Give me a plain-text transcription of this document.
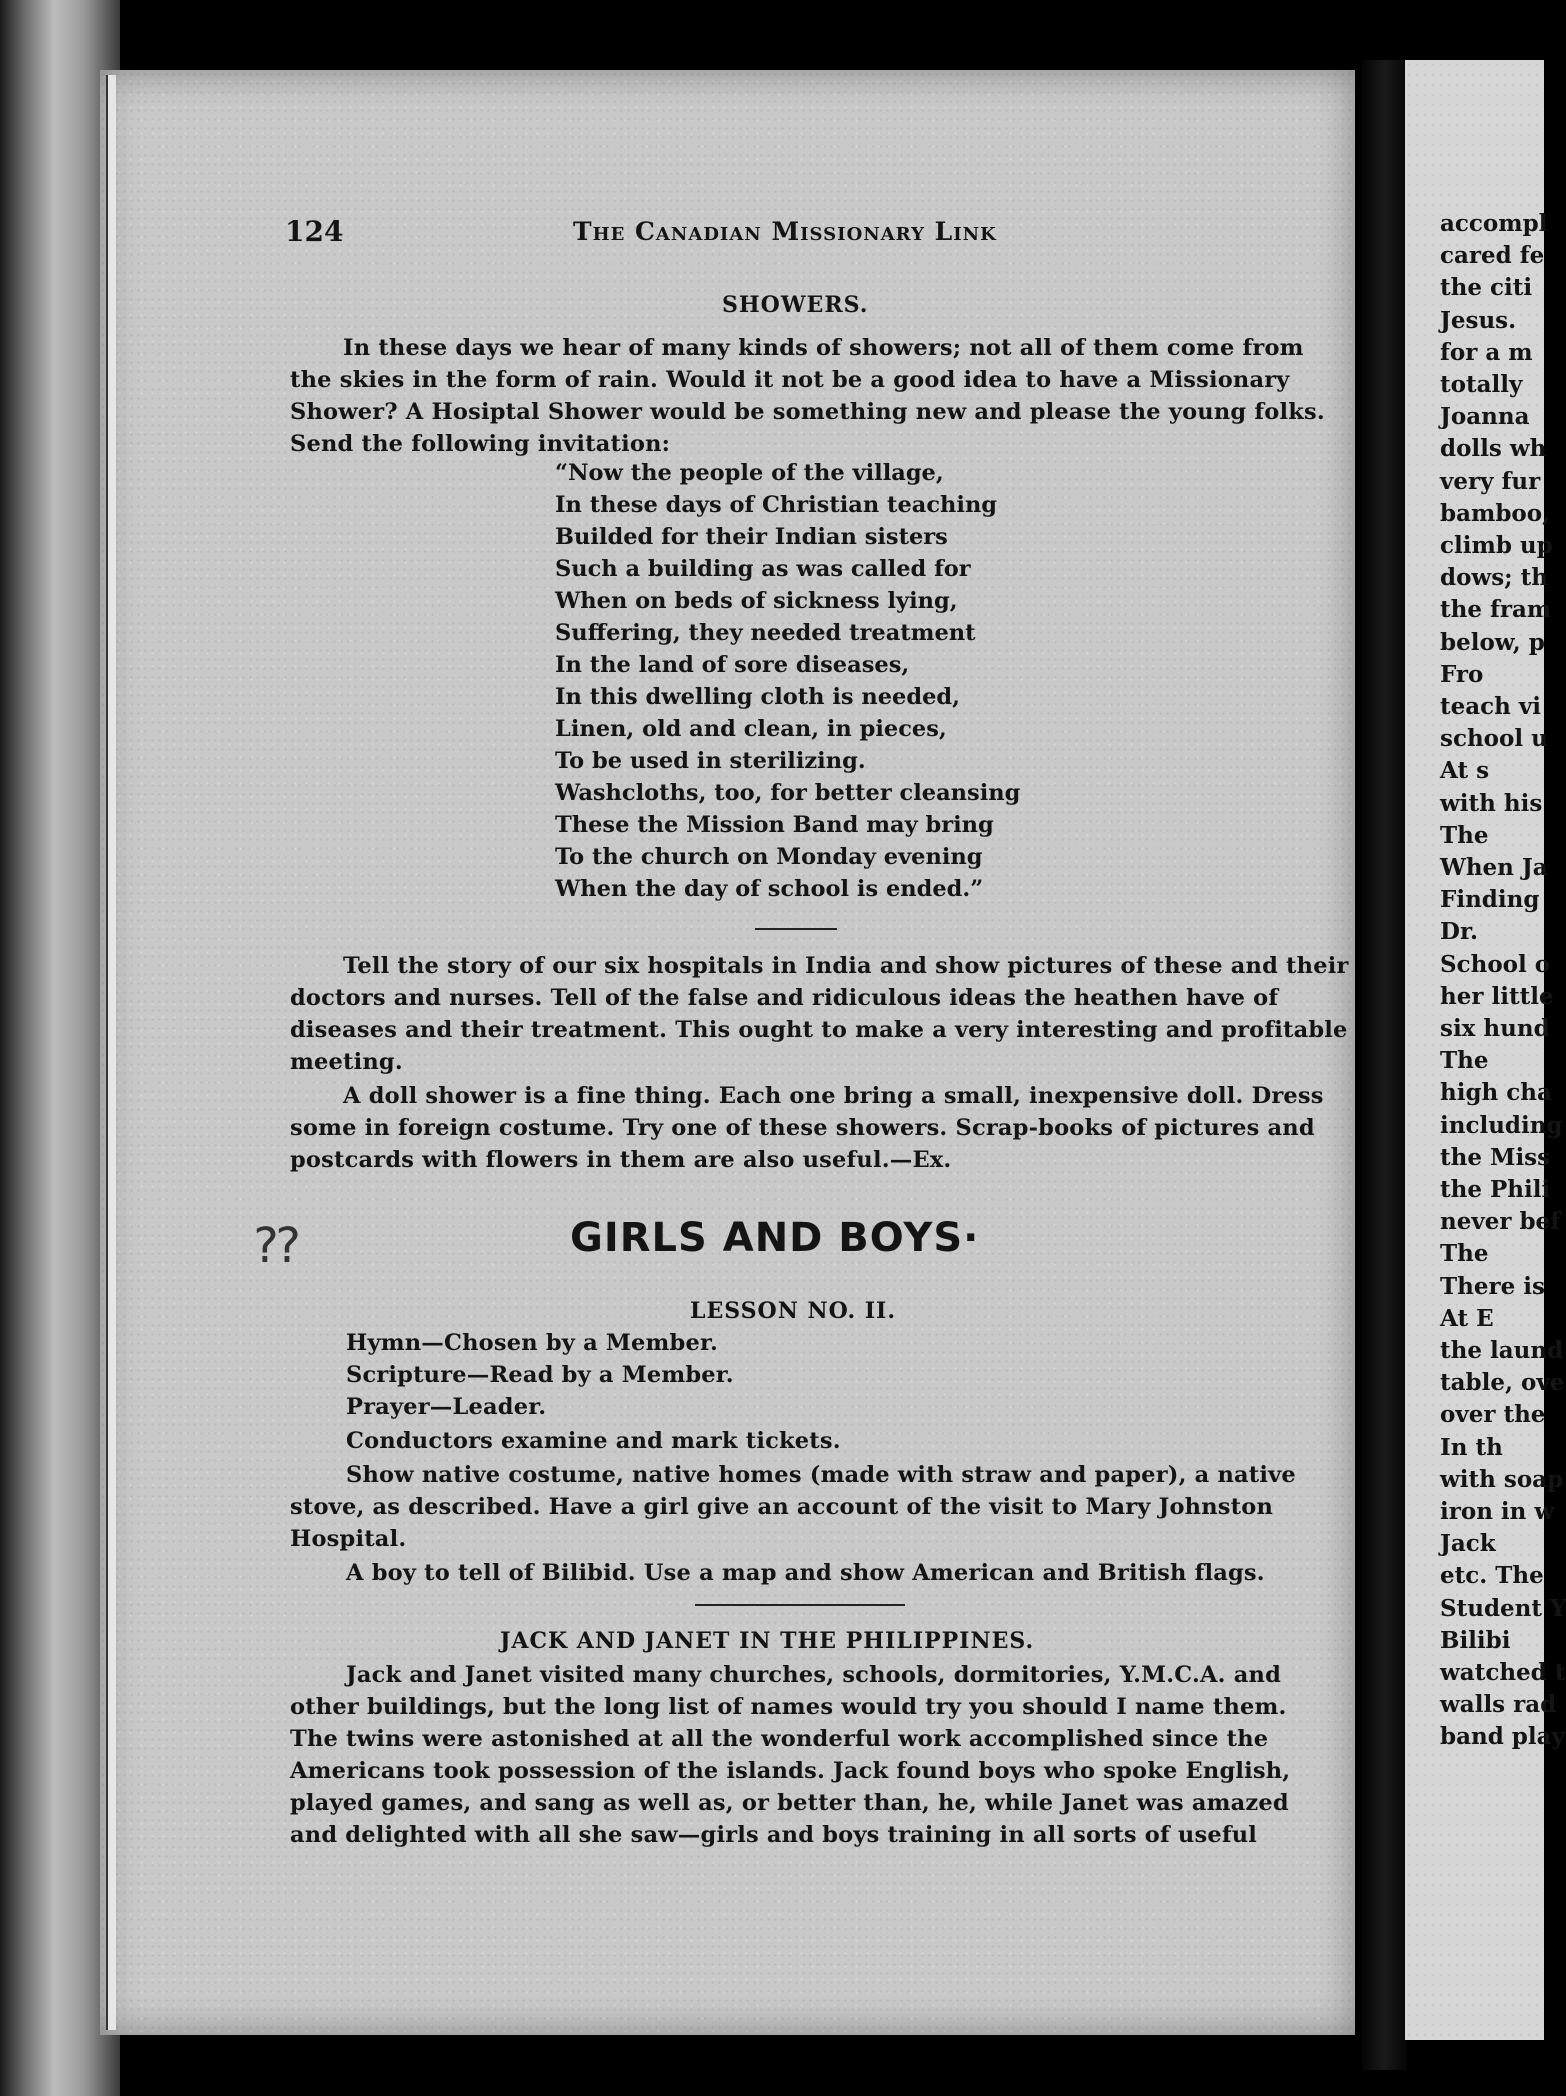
accompl
cared fe
the citi
Jesus.
for a m
totally
Joanna
dolls wh
very fur
bamboo,
climb up
dows; th
the fram
below, p
Fro
teach vi
school u
At s
with his
The
When Ja
Finding
Dr.
School o
her little
six hund
The
high cha
including
the Miss
the Phili
never bef
The
There is
At E
the laund
table, ove
over the
In th
with soap
iron in w
Jack
etc. The
Student Y
Bilibi
watched t
walls rad
band play
124	The Canadian Missionary Link
SHOWERS.
In these days we hear of many kinds of showers; not all of them come from
the skies in the form of rain. Would it not be a good idea to have a Missionary
Shower? A Hosiptal Shower would be something new and please the young folks.
Send the following invitation:
“Now the people of the village,
In these days of Christian teaching
Builded for their Indian sisters
Such a building as was called for
When on beds of sickness lying,
Suffering, they needed treatment
In the land of sore diseases,
In this dwelling cloth is needed,
Linen, old and clean, in pieces,
To be used in sterilizing.
Washcloths, too, for better cleansing
These the Mission Band may bring
To the church on Monday evening
When the day of school is ended.”
Tell the story of our six hospitals in India and show pictures of these and their
doctors and nurses. Tell of the false and ridiculous ideas the heathen have of
diseases and their treatment. This ought to make a very interesting and profitable
meeting.
A doll shower is a fine thing. Each one bring a small, inexpensive doll. Dress
some in foreign costume. Try one of these showers. Scrap-books of pictures and
postcards with flowers in them are also useful.—Ex.
⁇	GIRLS AND BOYS·
LESSON NO. II.
Hymn—Chosen by a Member.
Scripture—Read by a Member.
Prayer—Leader.
Conductors examine and mark tickets.
Show native costume, native homes (made with straw and paper), a native
stove, as described. Have a girl give an account of the visit to Mary Johnston
Hospital.
A boy to tell of Bilibid. Use a map and show American and British flags.
JACK AND JANET IN THE PHILIPPINES.
Jack and Janet visited many churches, schools, dormitories, Y.M.C.A. and
other buildings, but the long list of names would try you should I name them.
The twins were astonished at all the wonderful work accomplished since the
Americans took possession of the islands. Jack found boys who spoke English,
played games, and sang as well as, or better than, he, while Janet was amazed
and delighted with all she saw—girls and boys training in all sorts of useful
